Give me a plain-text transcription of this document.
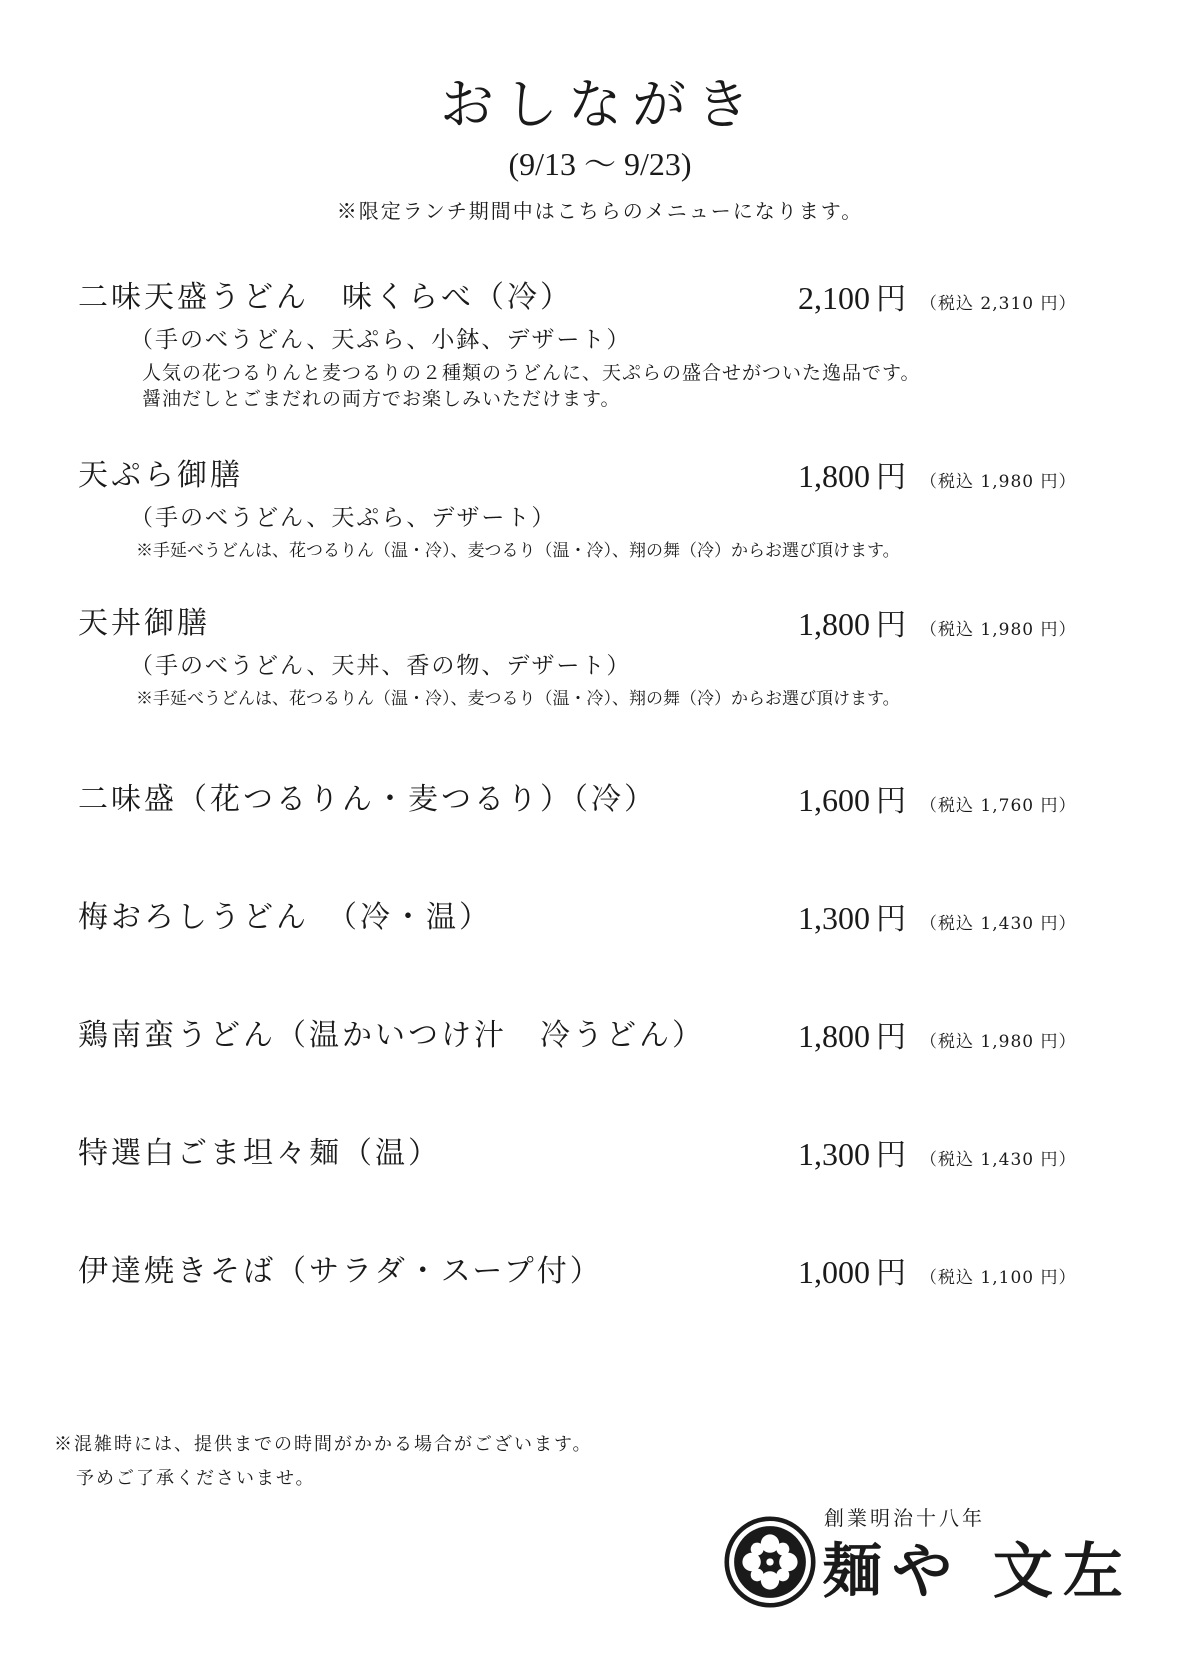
おしながき
(9/13 ～ 9/23)
※限定ランチ期間中はこちらのメニューになります。
二味天盛うどん　味くらべ（冷）	2,100 円 （税込 2,310 円）
（手のべうどん、天ぷら、小鉢、デザート）
人気の花つるりんと麦つるりの２種類のうどんに、天ぷらの盛合せがついた逸品です。
醤油だしとごまだれの両方でお楽しみいただけます。
天ぷら御膳	1,800 円 （税込 1,980 円）
（手のべうどん、天ぷら、デザート）
※手延べうどんは、花つるりん（温・冷）、麦つるり（温・冷）、翔の舞（冷）からお選び頂けます。
天丼御膳	1,800 円 （税込 1,980 円）
（手のべうどん、天丼、香の物、デザート）
※手延べうどんは、花つるりん（温・冷）、麦つるり（温・冷）、翔の舞（冷）からお選び頂けます。
二味盛（花つるりん・麦つるり）（冷）	1,600 円 （税込 1,760 円）
梅おろしうどん　（冷・温）	1,300 円 （税込 1,430 円）
鶏南蛮うどん（温かいつけ汁　冷うどん）	1,800 円 （税込 1,980 円）
特選白ごま坦々麺（温）	1,300 円 （税込 1,430 円）
伊達焼きそば（サラダ・スープ付）	1,000 円 （税込 1,100 円）
※混雑時には、提供までの時間がかかる場合がございます。
予めご了承くださいませ。
創業明治十八年
麺や 文左
